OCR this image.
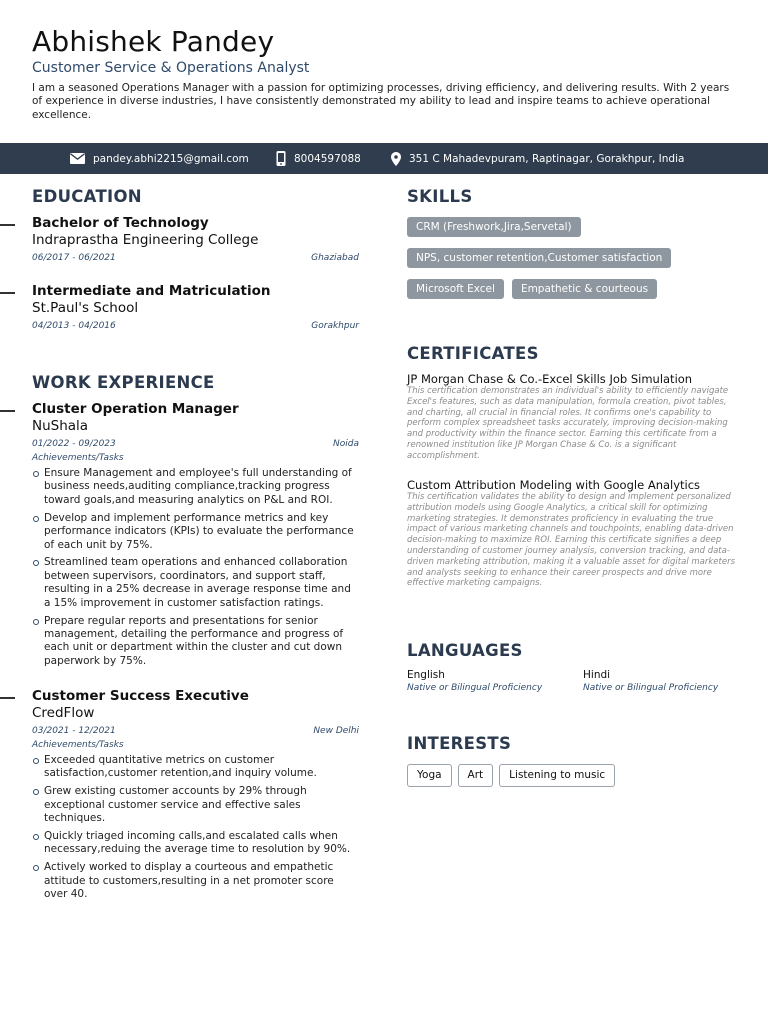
Abhishek Pandey
Customer Service & Operations Analyst
I am a seasoned Operations Manager with a passion for optimizing processes, driving efficiency, and delivering results. With 2 years of experience in diverse industries, I have consistently demonstrated my ability to lead and inspire teams to achieve operational excellence.
pandey.abhi2215@gmail.com	8004597088	351 C Mahadevpuram, Raptinagar, Gorakhpur, India
EDUCATION
Bachelor of Technology
Indraprastha Engineering College
06/2017 - 06/2021	Ghaziabad
Intermediate and Matriculation
St.Paul's School
04/2013 - 04/2016	Gorakhpur
WORK EXPERIENCE
Cluster Operation Manager
NuShala
01/2022 - 09/2023	Noida
Achievements/Tasks
Ensure Management and employee's full understanding of business needs,auditing compliance,tracking progress toward goals,and measuring analytics on P&L and ROI.
Develop and implement performance metrics and key performance indicators (KPIs) to evaluate the performance of each unit by 75%.
Streamlined team operations and enhanced collaboration between supervisors, coordinators, and support staff, resulting in a 25% decrease in average response time and a 15% improvement in customer satisfaction ratings.
Prepare regular reports and presentations for senior management, detailing the performance and progress of each unit or department within the cluster and cut down paperwork by 75%.
Customer Success Executive
CredFlow
03/2021 - 12/2021	New Delhi
Achievements/Tasks
Exceeded quantitative metrics on customer satisfaction,customer retention,and inquiry volume.
Grew existing customer accounts by 29% through exceptional customer service and effective sales techniques.
Quickly triaged incoming calls,and escalated calls when necessary,reduing the average time to resolution by 90%.
Actively worked to display a courteous and empathetic attitude to customers,resulting in a net promoter score over 40.
SKILLS
CRM (Freshwork,Jira,Servetal)
NPS, customer retention,Customer satisfaction
Microsoft Excel	Empathetic & courteous
CERTIFICATES
JP Morgan Chase & Co.-Excel Skills Job Simulation
This certification demonstrates an individual's ability to efficiently navigate Excel's features, such as data manipulation, formula creation, pivot tables, and charting, all crucial in financial roles. It confirms one's capability to perform complex spreadsheet tasks accurately, improving decision-making and productivity within the finance sector. Earning this certificate from a renowned institution like JP Morgan Chase & Co. is a significant accomplishment.
Custom Attribution Modeling with Google Analytics
This certification validates the ability to design and implement personalized attribution models using Google Analytics, a critical skill for optimizing marketing strategies. It demonstrates proficiency in evaluating the true impact of various marketing channels and touchpoints, enabling data-driven decision-making to maximize ROI. Earning this certificate signifies a deep understanding of customer journey analysis, conversion tracking, and data-driven marketing attribution, making it a valuable asset for digital marketers and analysts seeking to enhance their career prospects and drive more effective marketing campaigns.
LANGUAGES
English
Native or Bilingual Proficiency
Hindi
Native or Bilingual Proficiency
INTERESTS
Yoga	Art	Listening to music
